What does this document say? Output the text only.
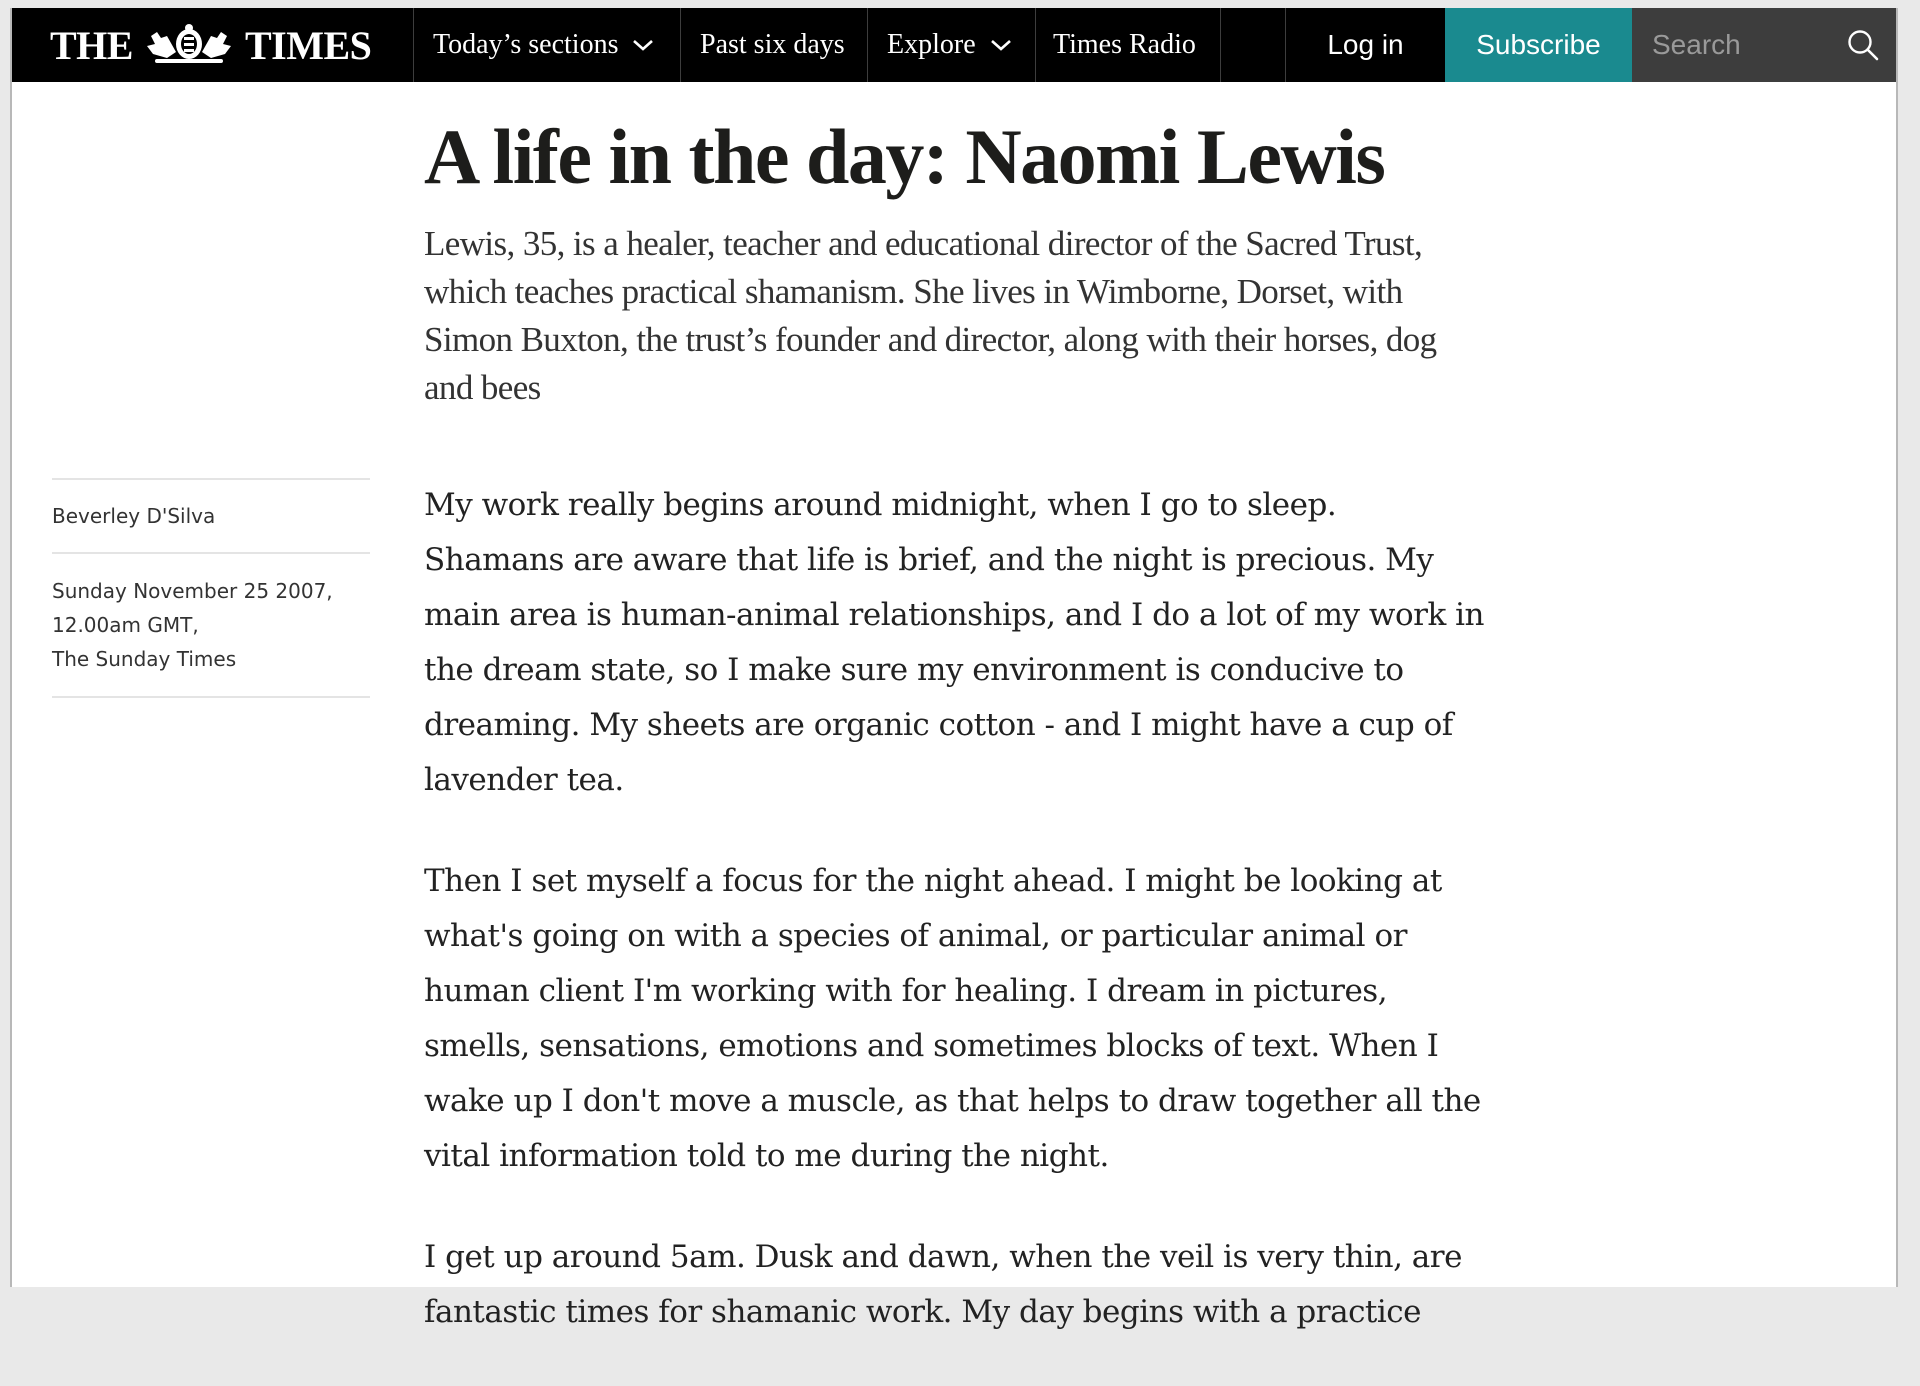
THE	TIMES Today’s sections	Past six days Explore	Times Radio	Log in	Subscribe
Search
A life in the day: Naomi Lewis

Lewis, 35, is a healer, teacher and educational director of the Sacred Trust, which teaches practical shamanism. She lives in Wimborne, Dorset, with Simon Buxton, the trust’s founder and director, along with their horses, dog and bees

Beverley D'Silva
Sunday November 25 2007,
12.00am GMT,
The Sunday Times

My work really begins around midnight, when I go to sleep. Shamans are aware that life is brief, and the night is precious. My main area is human-animal relationships, and I do a lot of my work in the dream state, so I make sure my environment is conducive to dreaming. My sheets are organic cotton - and I might have a cup of lavender tea.

Then I set myself a focus for the night ahead. I might be looking at what's going on with a species of animal, or particular animal or human client I'm working with for healing. I dream in pictures, smells, sensations, emotions and sometimes blocks of text. When I wake up I don't move a muscle, as that helps to draw together all the vital information told to me during the night.

I get up around 5am. Dusk and dawn, when the veil is very thin, are fantastic times for shamanic work. My day begins with a practice
